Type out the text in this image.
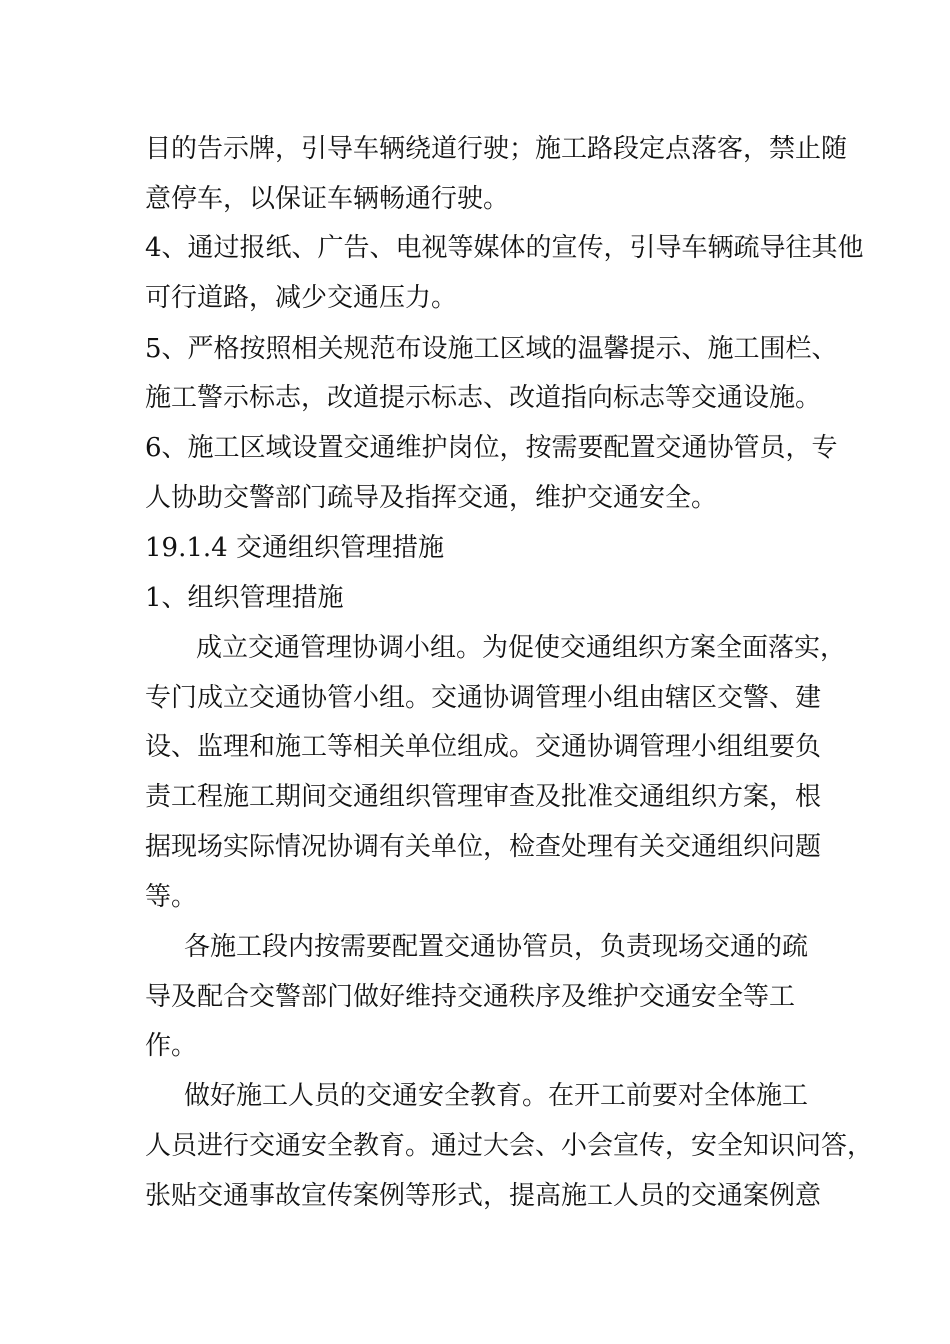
目的告示牌，引导车辆绕道行驶；施工路段定点落客，禁止随

意停车，以保证车辆畅通行驶。

4、通过报纸、广告、电视等媒体的宣传，引导车辆疏导往其他

可行道路，减少交通压力。

5、严格按照相关规范布设施工区域的温馨提示、施工围栏、

施工警示标志，改道提示标志、改道指向标志等交通设施。

6、施工区域设置交通维护岗位，按需要配置交通协管员，专

人协助交警部门疏导及指挥交通，维护交通安全。

19.1.4 交通组织管理措施

1、组织管理措施

成立交通管理协调小组。为促使交通组织方案全面落实，

专门成立交通协管小组。交通协调管理小组由辖区交警、建

设、监理和施工等相关单位组成。交通协调管理小组组要负

责工程施工期间交通组织管理审查及批准交通组织方案，根

据现场实际情况协调有关单位，检查处理有关交通组织问题

等。

各施工段内按需要配置交通协管员，负责现场交通的疏

导及配合交警部门做好维持交通秩序及维护交通安全等工

作。

做好施工人员的交通安全教育。在开工前要对全体施工

人员进行交通安全教育。通过大会、小会宣传，安全知识问答，

张贴交通事故宣传案例等形式，提高施工人员的交通案例意
